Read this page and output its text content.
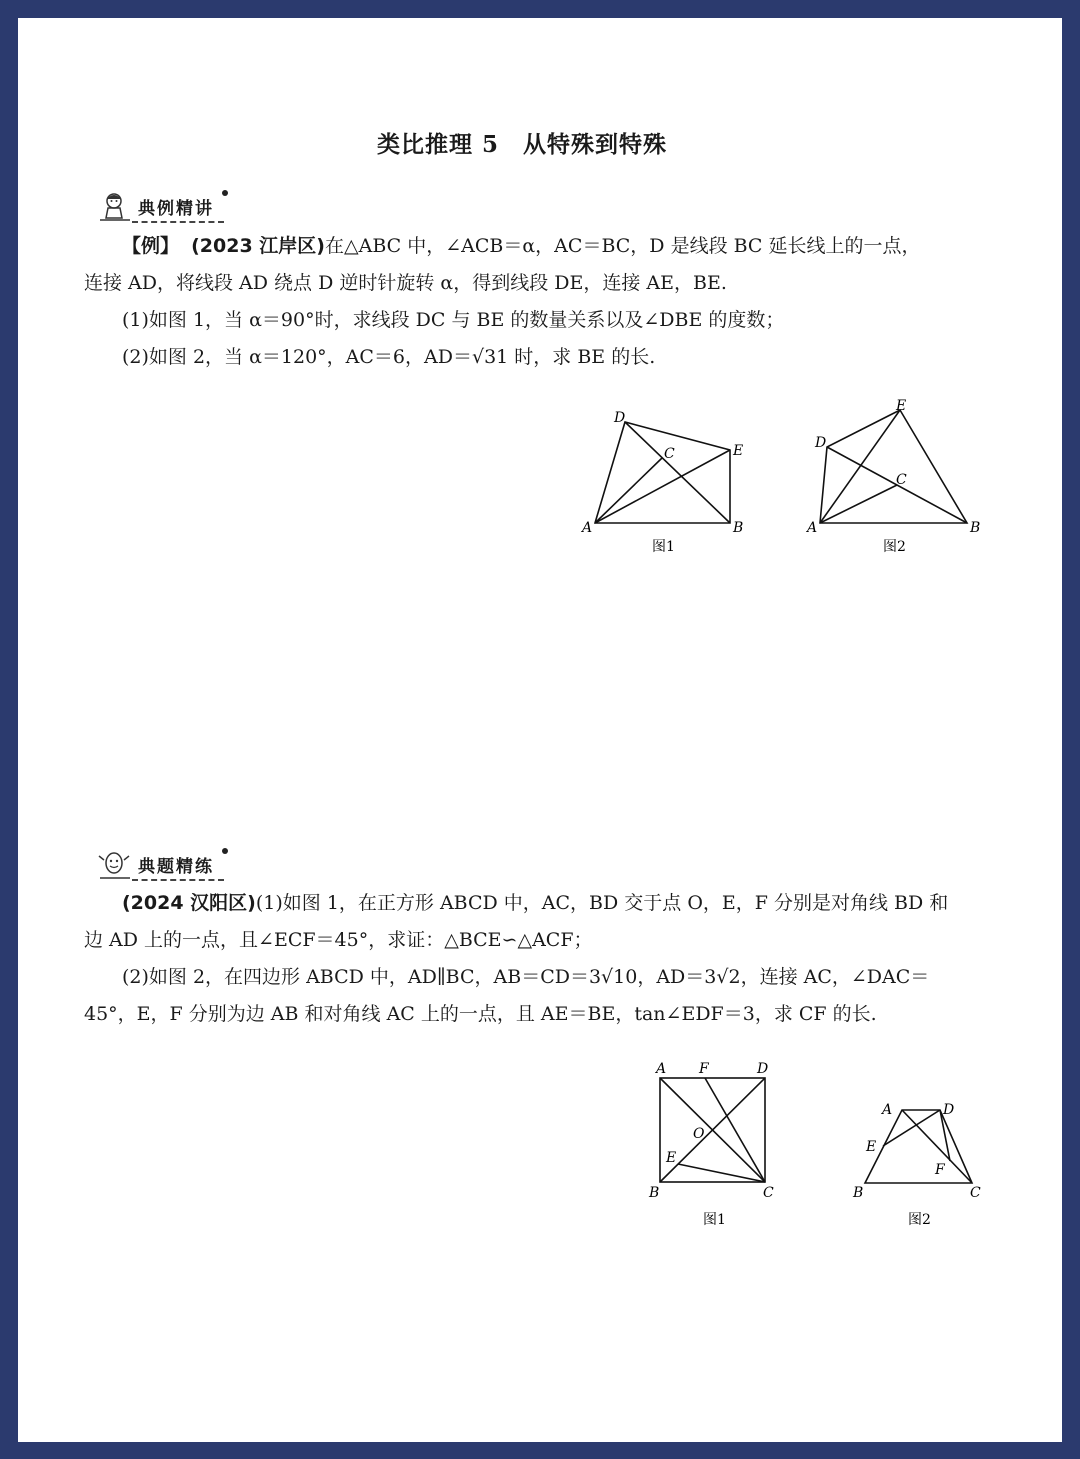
类比推理 5　从特殊到特殊
典例精讲

【例】 (2023 江岸区)在△ABC 中，∠ACB＝α，AC＝BC，D 是线段 BC 延长线上的一点，
连接 AD，将线段 AD 绕点 D 逆时针旋转 α，得到线段 DE，连接 AE，BE.
(1)如图 1，当 α＝90°时，求线段 DC 与 BE 的数量关系以及∠DBE 的度数；
(2)如图 2，当 α＝120°，AC＝6，AD＝√31 时，求 BE 的长.

A	B
C
D
E
图1
A	B
C
D
E
图2
典题精练

(2024 汉阳区)(1)如图 1，在正方形 ABCD 中，AC，BD 交于点 O，E，F 分别是对角线 BD 和
边 AD 上的一点，且∠ECF＝45°，求证：△BCE∽△ACF；
(2)如图 2，在四边形 ABCD 中，AD∥BC，AB＝CD＝3√10，AD＝3√2，连接 AC，∠DAC＝
45°，E，F 分别为边 AB 和对角线 AC 上的一点，且 AE＝BE，tan∠EDF＝3，求 CF 的长.

A F	D
O
E
B	C
图1
A	D
E
F
B	C
图2
